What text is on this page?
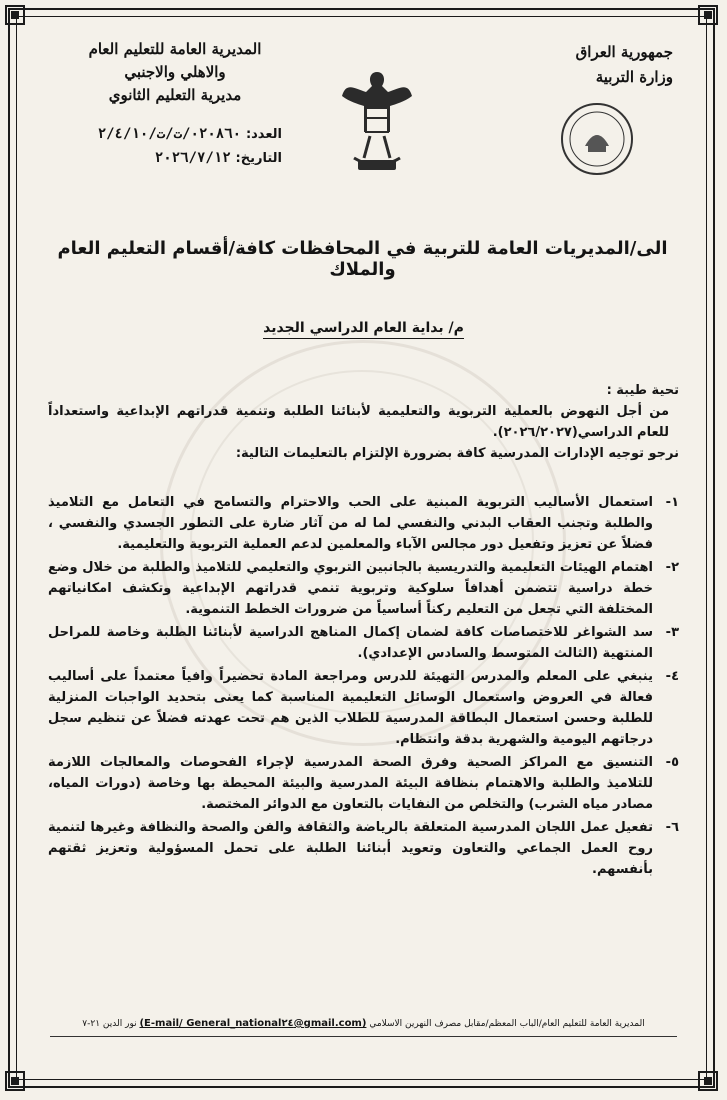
جمهورية العراق
وزارة التربية
المديرية العامة للتعليم العام
والاهلي والاجنبي
مديرية التعليم الثانوي
العدد: ٠٢٠٨٦٠/ت/ت/٢/٤/١٠
التاريخ: ٢٠٢٦/٧/١٢
الى/المديريات العامة للتربية في المحافظات كافة/أقسام التعليم العام والملاك
م/ بداية العام الدراسي الجديد

تحية طيبة :

من أجل النهوض بالعملية التربوية والتعليمية لأبنائنا الطلبة وتنمية قدراتهم الإبداعية واستعداداً للعام الدراسي(٢٠٢٦/٢٠٢٧).

نرجو توجيه الإدارات المدرسية كافة بضرورة الإلتزام بالتعليمات التالية:

١-
استعمال الأساليب التربوية المبنية على الحب والاحترام والتسامح في التعامل مع التلاميذ والطلبة وتجنب العقاب البدني والنفسي لما له من آثار ضارة على التطور الجسدي والنفسي ، فضلاً عن تعزيز وتفعيل دور مجالس الآباء والمعلمين لدعم العملية التربوية والتعليمية.
٢-
اهتمام الهيئات التعليمية والتدريسية بالجانبين التربوي والتعليمي للتلاميذ والطلبة من خلال وضع خطة دراسية تتضمن أهدافاً سلوكية وتربوية تنمي قدراتهم الإبداعية وتكشف امكانياتهم المختلفة التي تجعل من التعليم ركناً أساسياً من ضرورات الخطط التنموية.
٣-
سد الشواغر للاختصاصات كافة لضمان إكمال المناهج الدراسية لأبنائنا الطلبة وخاصة للمراحل المنتهية (الثالث المتوسط والسادس الإعدادي).
٤-
ينبغي على المعلم والمدرس التهيئة للدرس ومراجعة المادة تحضيراً وافياً معتمداً على أساليب فعالة في العروض واستعمال الوسائل التعليمية المناسبة كما يعنى بتحديد الواجبات المنزلية للطلبة وحسن استعمال البطاقة المدرسية للطلاب الذين هم تحت عهدته فضلاً عن تنظيم سجل درجاتهم اليومية والشهرية بدقة وانتظام.
٥-
التنسيق مع المراكز الصحية وفرق الصحة المدرسية لإجراء الفحوصات والمعالجات اللازمة للتلاميذ والطلبة والاهتمام بنظافة البيئة المدرسية والبيئة المحيطة بها وخاصة (دورات المياه، مصادر مياه الشرب) والتخلص من النفايات بالتعاون مع الدوائر المختصة.
٦-
تفعيل عمل اللجان المدرسية المتعلقة بالرياضة والثقافة والفن والصحة والنظافة وغيرها لتنمية روح العمل الجماعي والتعاون وتعويد أبنائنا الطلبة على تحمل المسؤولية وتعزيز ثقتهم بأنفسهم.
المديرية العامة للتعليم العام/الباب المعظم/مقابل مصرف النهرين الاسلامي (E-mail/ General_national٢٤@gmail.com) نور الدين ٢١-٧
